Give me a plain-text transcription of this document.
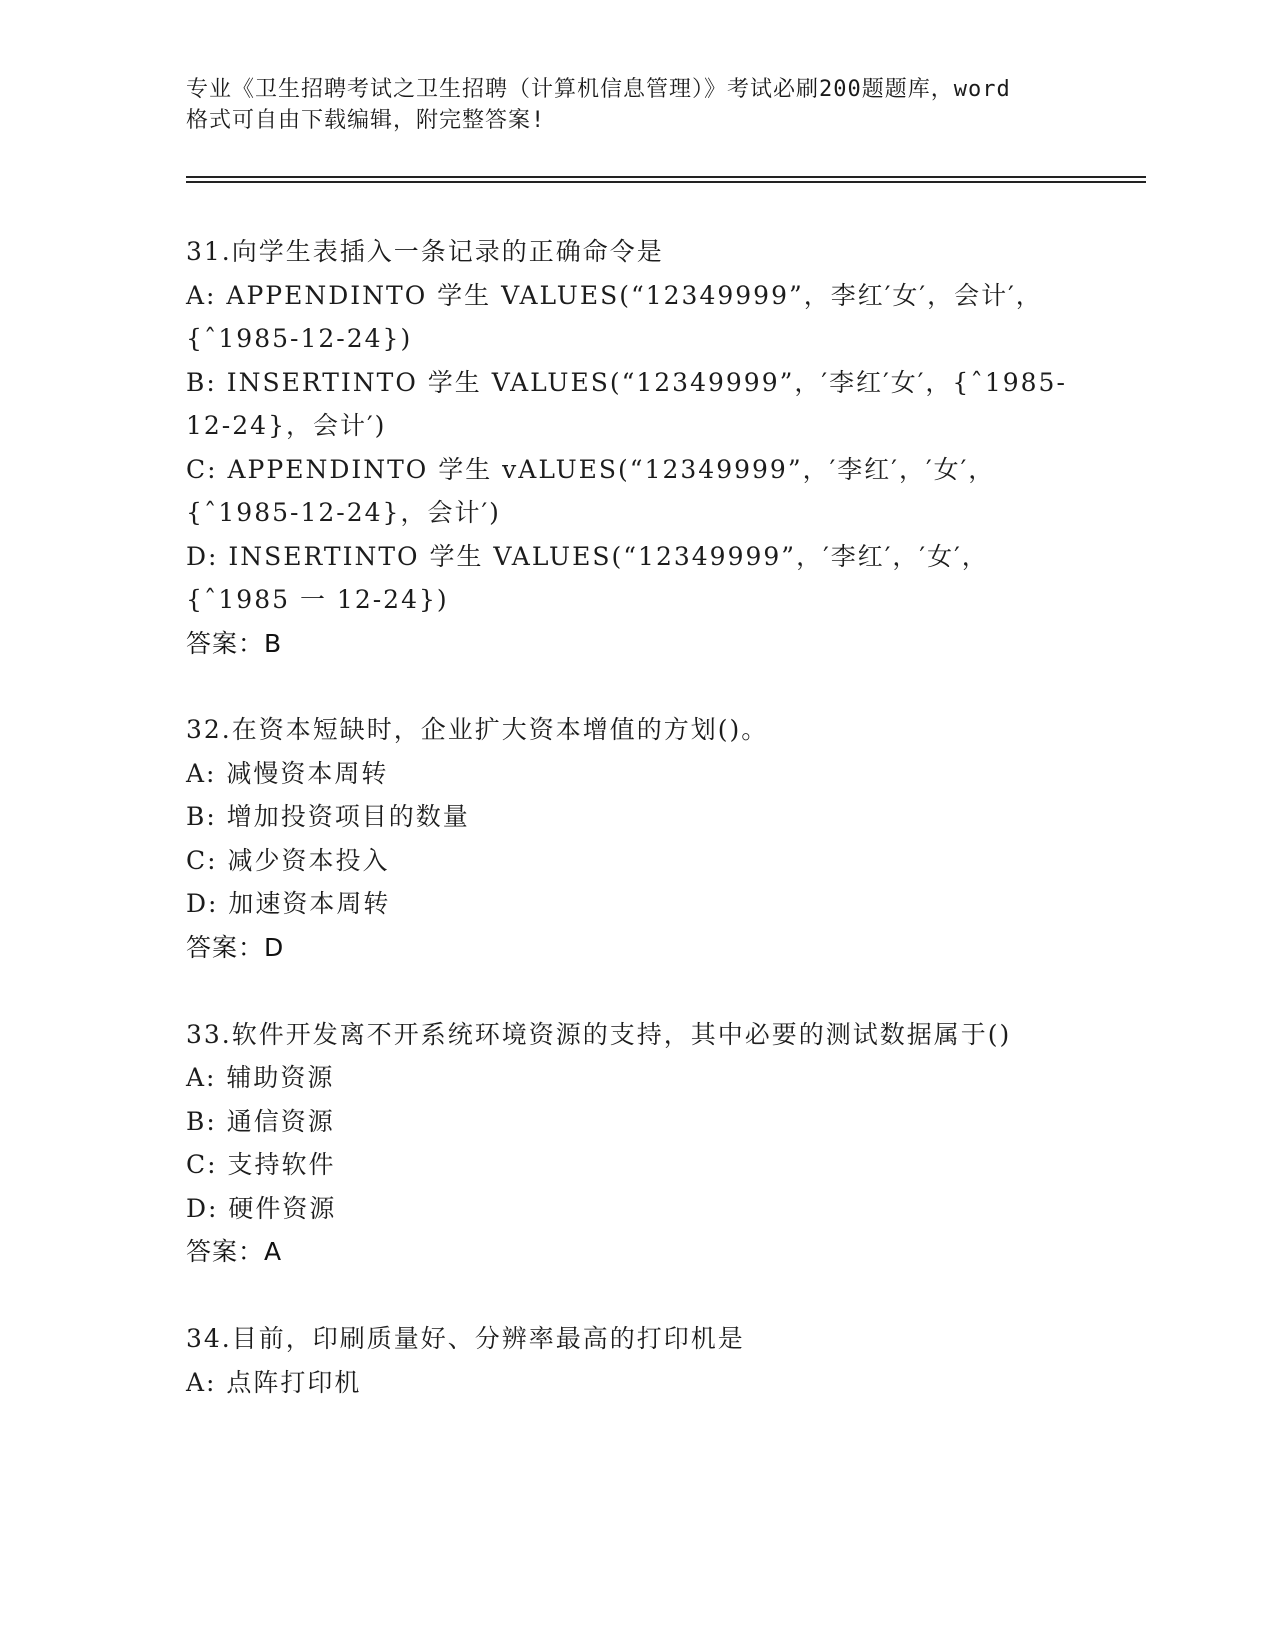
专业《卫生招聘考试之卫生招聘（计算机信息管理）》考试必刷200题题库，word
格式可自由下载编辑，附完整答案!
31.向学生表插入一条记录的正确命令是
A: APPENDINTO 学生 VALUES(“12349999”，李红′女′，会计′，
{ˆ1985-12-24})
B: INSERTINTO 学生 VALUES(“12349999”，′李红′女′，{ˆ1985-
12-24}，会计′)
C: APPENDINTO 学生 vALUES(“12349999”，′李红′，′女′，
{ˆ1985-12-24}，会计′)
D: INSERTINTO 学生 VALUES(“12349999”，′李红′，′女′，
{ˆ1985 一 12-24})
答案：B
32.在资本短缺时，企业扩大资本增值的方划()。
A: 减慢资本周转
B: 增加投资项目的数量
C: 减少资本投入
D: 加速资本周转
答案：D
33.软件开发离不开系统环境资源的支持，其中必要的测试数据属于()
A: 辅助资源
B: 通信资源
C: 支持软件
D: 硬件资源
答案：A
34.目前，印刷质量好、分辨率最高的打印机是
A: 点阵打印机
